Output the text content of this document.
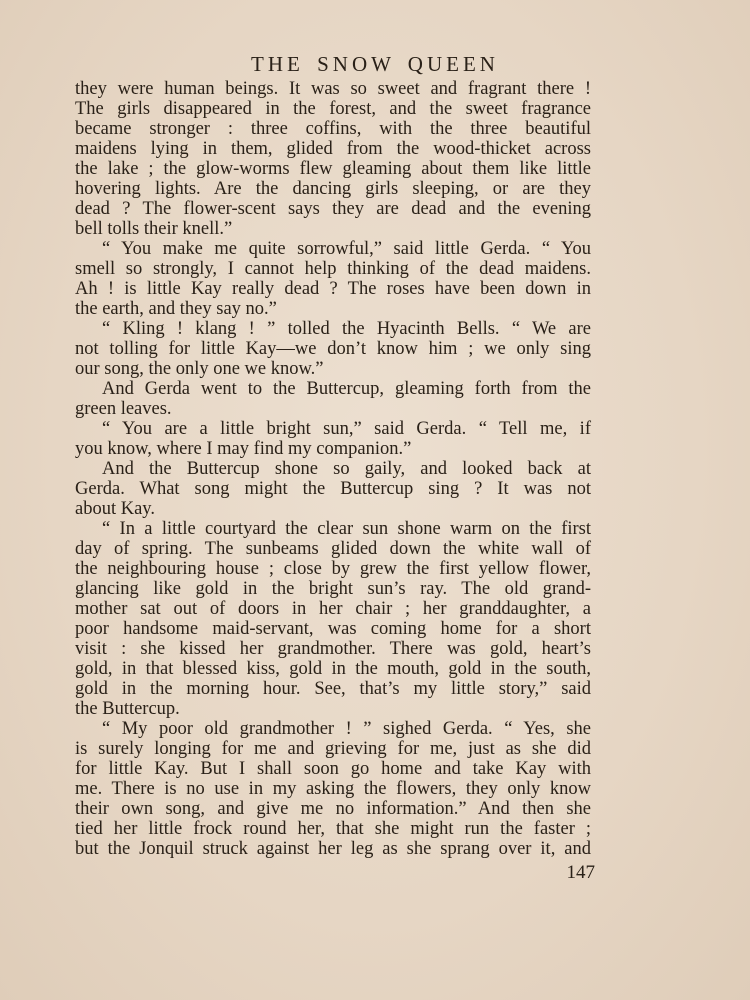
THE SNOW QUEEN
they were human beings. It was so sweet and fragrant there !
The girls disappeared in the forest, and the sweet fragrance
became stronger : three coffins, with the three beautiful
maidens lying in them, glided from the wood-thicket across
the lake ; the glow-worms flew gleaming about them like little
hovering lights. Are the dancing girls sleeping, or are they
dead ? The flower-scent says they are dead and the evening
bell tolls their knell.”
“ You make me quite sorrowful,” said little Gerda. “ You
smell so strongly, I cannot help thinking of the dead maidens.
Ah ! is little Kay really dead ? The roses have been down in
the earth, and they say no.”
“ Kling ! klang ! ” tolled the Hyacinth Bells. “ We are
not tolling for little Kay—we don’t know him ; we only sing
our song, the only one we know.”
And Gerda went to the Buttercup, gleaming forth from the
green leaves.
“ You are a little bright sun,” said Gerda. “ Tell me, if
you know, where I may find my companion.”
And the Buttercup shone so gaily, and looked back at
Gerda. What song might the Buttercup sing ? It was not
about Kay.
“ In a little courtyard the clear sun shone warm on the first
day of spring. The sunbeams glided down the white wall of
the neighbouring house ; close by grew the first yellow flower,
glancing like gold in the bright sun’s ray. The old grand-
mother sat out of doors in her chair ; her granddaughter, a
poor handsome maid-servant, was coming home for a short
visit : she kissed her grandmother. There was gold, heart’s
gold, in that blessed kiss, gold in the mouth, gold in the south,
gold in the morning hour. See, that’s my little story,” said
the Buttercup.
“ My poor old grandmother ! ” sighed Gerda. “ Yes, she
is surely longing for me and grieving for me, just as she did
for little Kay. But I shall soon go home and take Kay with
me. There is no use in my asking the flowers, they only know
their own song, and give me no information.” And then she
tied her little frock round her, that she might run the faster ;
but the Jonquil struck against her leg as she sprang over it, and
147
